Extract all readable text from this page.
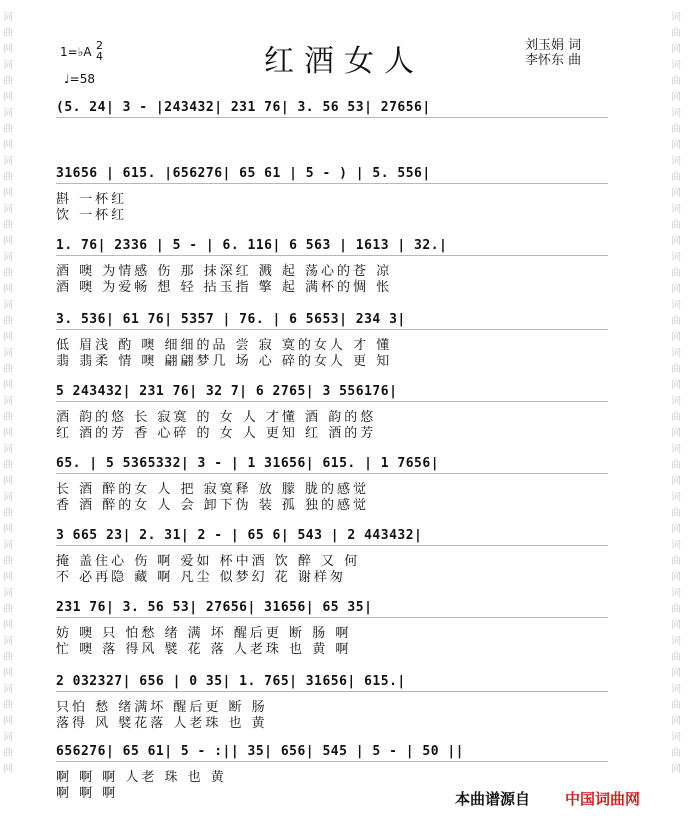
词曲网词曲网词曲网词曲网词曲网词曲网词曲网词曲网词曲网词曲网词曲网词曲网词曲网词曲网词曲网词曲网
词曲网词曲网词曲网词曲网词曲网词曲网词曲网词曲网词曲网词曲网词曲网词曲网词曲网词曲网词曲网词曲网
1=♭A 2
4
♩=58	红酒女人	刘玉娟 词
李怀东 曲
(5. 24| 3 - |243432| 231 76| 3. 56 53| 27656|
31656 | 615. |656276| 65 61 | 5 - ) | 5. 556|
斟 一杯红
饮 一杯红
1. 76| 2336 | 5 - | 6. 116| 6 563 | 1613 | 32.|
酒 噢 为情感 伤 那 抹深红 溅 起 荡心的苍 凉
酒 噢 为爱畅 想 轻 拈玉指 擎 起 满杯的惆 怅
3. 536| 61 76| 5357 | 76. | 6 5653| 234 3|
低 眉浅 酌 噢 细细的品 尝 寂 寞的女人 才 懂
翡 翡柔 情 噢 翩翩梦几 场 心 碎的女人 更 知
5 243432| 231 76| 32 7| 6 2765| 3 556176|
酒 韵的悠 长 寂寞 的 女 人 才懂 酒 韵的悠
红 酒的芳 香 心碎 的 女 人 更知 红 酒的芳
65. | 5 5365332| 3 - | 1 31656| 615. | 1 7656|
长 酒 醉的女 人 把 寂寞释 放 朦 胧的感觉
香 酒 醉的女 人 会 卸下伪 装 孤 独的感觉
3 665 23| 2. 31| 2 - | 65 6| 543 | 2 443432|
掩 盖住心 伤 啊 爱如 杯中酒 饮 醉 又 何
不 必再隐 藏 啊 凡尘 似梦幻 花 谢样匆
231 76| 3. 56 53| 27656| 31656| 65 35|
妨 噢 只 怕愁 绪 满 坏 醒后更 断 肠 啊
忙 噢 落 得风 襞 花 落 人老珠 也 黄 啊
2 032327| 656 | 0 35| 1. 765| 31656| 615.|
只怕 愁 绪满坏 醒后更 断 肠
落得 风 襞花落 人老珠 也 黄
656276| 65 61| 5 - :|| 35| 656| 545 | 5 - | 50 ||
啊 啊 啊 人老 珠 也 黄
啊 啊 啊	本曲谱源自 中国词曲网
